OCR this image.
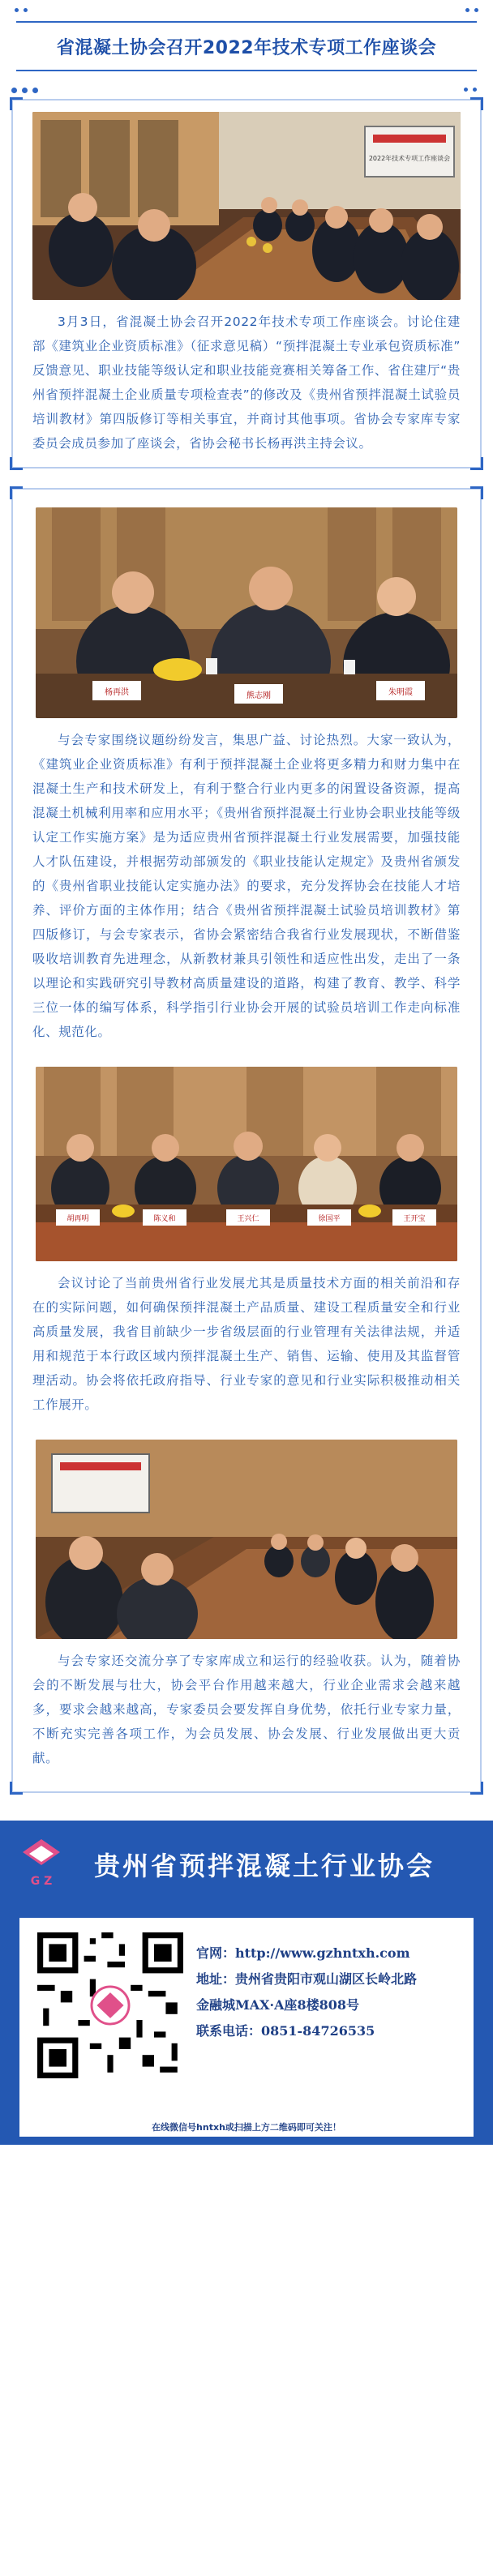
省混凝土协会召开2022年技术专项工作座谈会
2022年技术专项工作座谈会

3月3日，省混凝土协会召开2022年技术专项工作座谈会。讨论住建部《建筑业企业资质标准》（征求意见稿）“预拌混凝土专业承包资质标准” 反馈意见、职业技能等级认定和职业技能竞赛相关筹备工作、省住建厅“贵州省预拌混凝土企业质量专项检查表”的修改及《贵州省预拌混凝土试验员培训教材》第四版修订等相关事宜，并商讨其他事项。省协会专家库专家委员会成员参加了座谈会，省协会秘书长杨再洪主持会议。

杨再洪	熊志刚	朱明霞

与会专家围绕议题纷纷发言，集思广益、讨论热烈。大家一致认为，《建筑业企业资质标准》有利于预拌混凝土企业将更多精力和财力集中在混凝土生产和技术研发上，有利于整合行业内更多的闲置设备资源，提高混凝土机械利用率和应用水平；《贵州省预拌混凝土行业协会职业技能等级认定工作实施方案》是为适应贵州省预拌混凝土行业发展需要，加强技能人才队伍建设，并根据劳动部颁发的《职业技能认定规定》及贵州省颁发的《贵州省职业技能认定实施办法》的要求，充分发挥协会在技能人才培养、评价方面的主体作用；结合《贵州省预拌混凝土试验员培训教材》第四版修订，与会专家表示，省协会紧密结合我省行业发展现状，不断借鉴吸收培训教育先进理念，从新教材兼具引领性和适应性出发，走出了一条以理论和实践研究引导教材高质量建设的道路，构建了教育、教学、科学三位一体的编写体系，科学指引行业协会开展的试验员培训工作走向标准化、规范化。

胡再明	陈义和	王兴仁	徐国平	王开宝

会议讨论了当前贵州省行业发展尤其是质量技术方面的相关前沿和存在的实际问题，如何确保预拌混凝土产品质量、建设工程质量安全和行业高质量发展，我省目前缺少一步省级层面的行业管理有关法律法规，并适用和规范于本行政区域内预拌混凝土生产、销售、运输、使用及其监督管理活动。协会将依托政府指导、行业专家的意见和行业实际积极推动相关工作展开。

与会专家还交流分享了专家库成立和运行的经验收获。认为，随着协会的不断发展与壮大，协会平台作用越来越大，行业企业需求会越来越多，要求会越来越高，专家委员会要发挥自身优势，依托行业专家力量，不断充实完善各项工作，为会员发展、协会发展、行业发展做出更大贡献。

G Z 贵州省预拌混凝土行业协会
官网：http://www.gzhntxh.com
地址：贵州省贵阳市观山湖区长岭北路
金融城MAX·A座8楼808号
联系电话：0851-84726535
在线微信号hntxh或扫描上方二维码即可关注！
